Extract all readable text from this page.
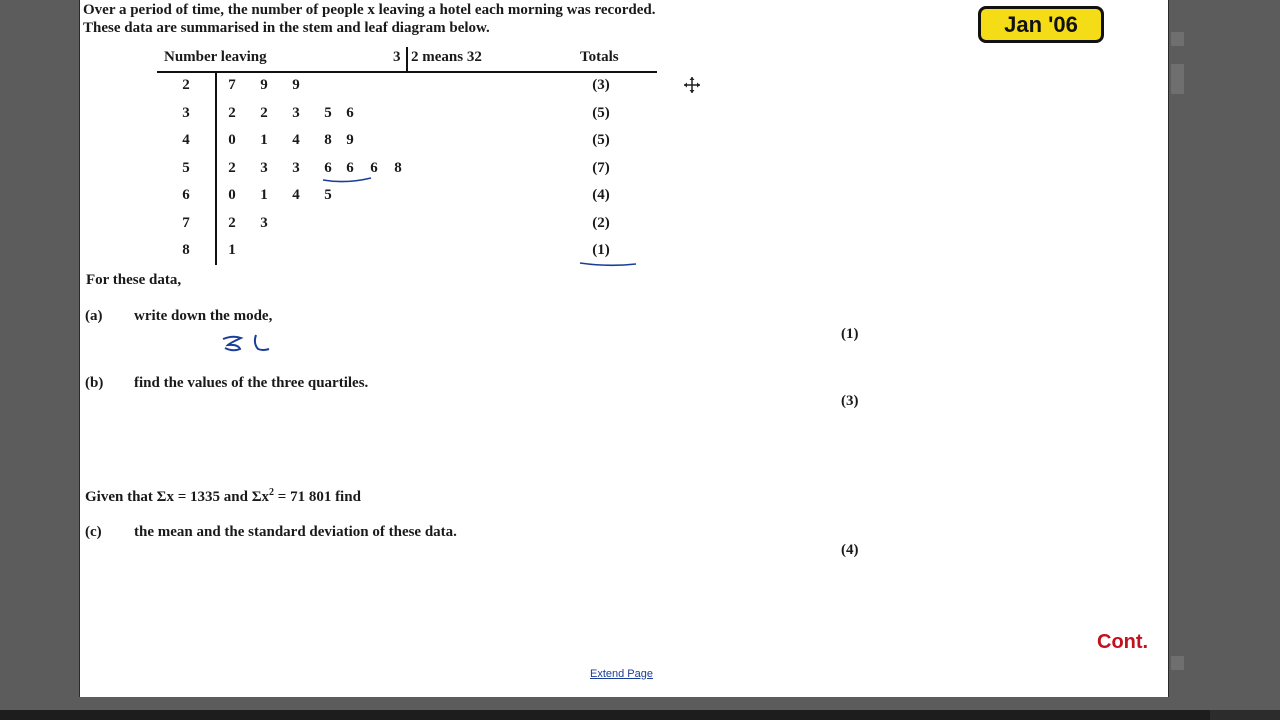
Over a period of time, the number of people x leaving a hotel each morning was recorded.
These data are summarised in the stem and leaf diagram below.	Jan '06
Number leaving	3 2 means 32	Totals
2	7 9 9	(3)
3	2 2 3 5 6	(5)
4	0 1 4 8 9	(5)
5	2 3 3 6 6 6 8	(7)
6	0 1 4 5	(4)
7	2 3	(2)
8	1	(1)
For these data,
(a) write down the mode,
(1)
(b) find the values of the three quartiles.
(3)
Given that Σx = 1335 and $\Sigma x^2 = 71$ 801 find
(c) the mean and the standard deviation of these data.
(4)
Cont.
Extend Page
